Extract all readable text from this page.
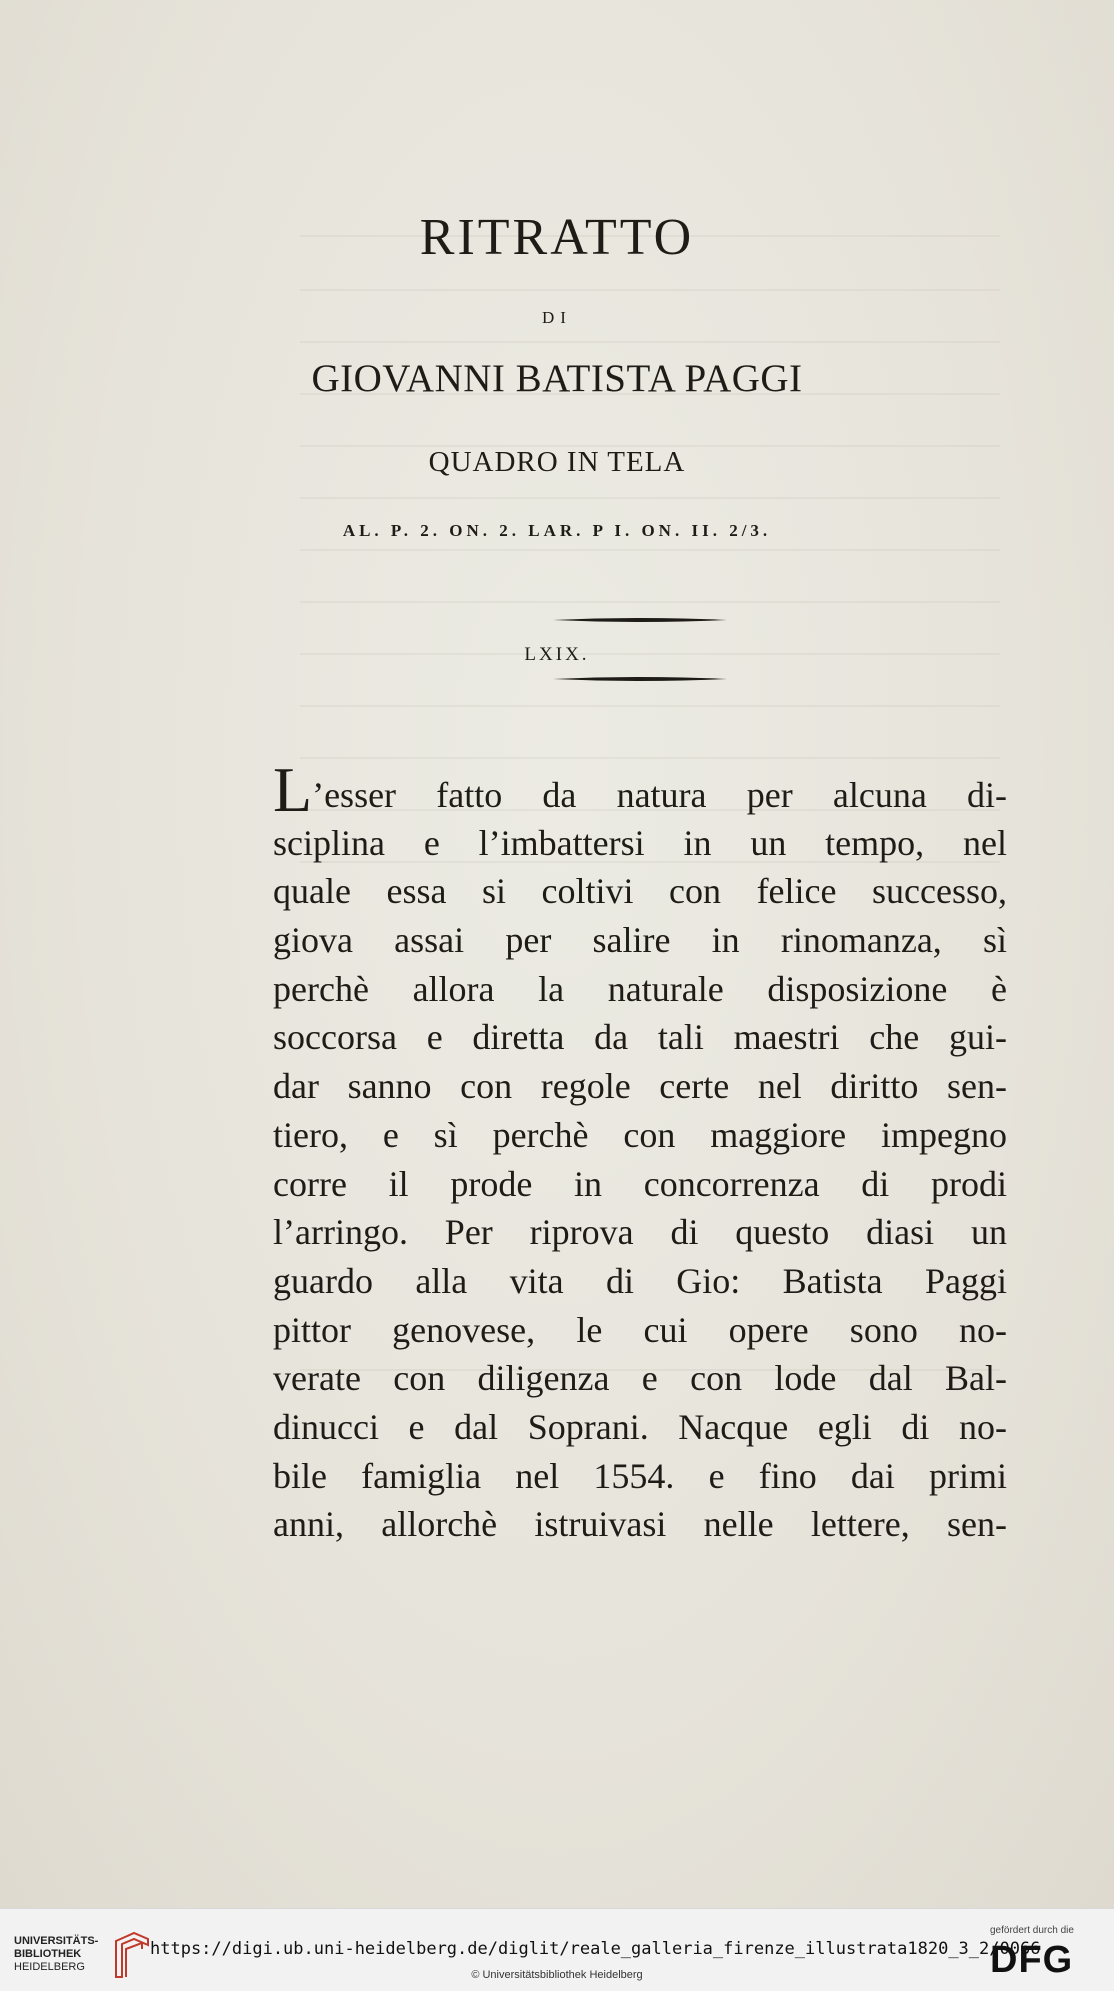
RITRATTO
DI
GIOVANNI BATISTA PAGGI
QUADRO IN TELA
AL. P. 2. ON. 2. LAR. P I. ON. II. 2/3.
LXIX.
L’esser fatto da natura per alcuna di-
sciplina e l’imbattersi in un tempo, nel
quale essa si coltivi con felice successo,
giova assai per salire in rinomanza, sì
perchè allora la naturale disposizione è
soccorsa e diretta da tali maestri che gui-
dar sanno con regole certe nel diritto sen-
tiero, e sì perchè con maggiore impegno
corre il prode in concorrenza di prodi
l’arringo. Per riprova di questo diasi un
guardo alla vita di Gio: Batista Paggi
pittor genovese, le cui opere sono no-
verate con diligenza e con lode dal Bal-
dinucci e dal Soprani. Nacque egli di no-
bile famiglia nel 1554. e fino dai primi
anni, allorchè istruivasi nelle lettere, sen-
UNIVERSITÄTS-
BIBLIOTHEK
HEIDELBERG
https://digi.ub.uni-heidelberg.de/diglit/reale_galleria_firenze_illustrata1820_3_2/0066
© Universitätsbibliothek Heidelberg
gefördert durch die
DFG
